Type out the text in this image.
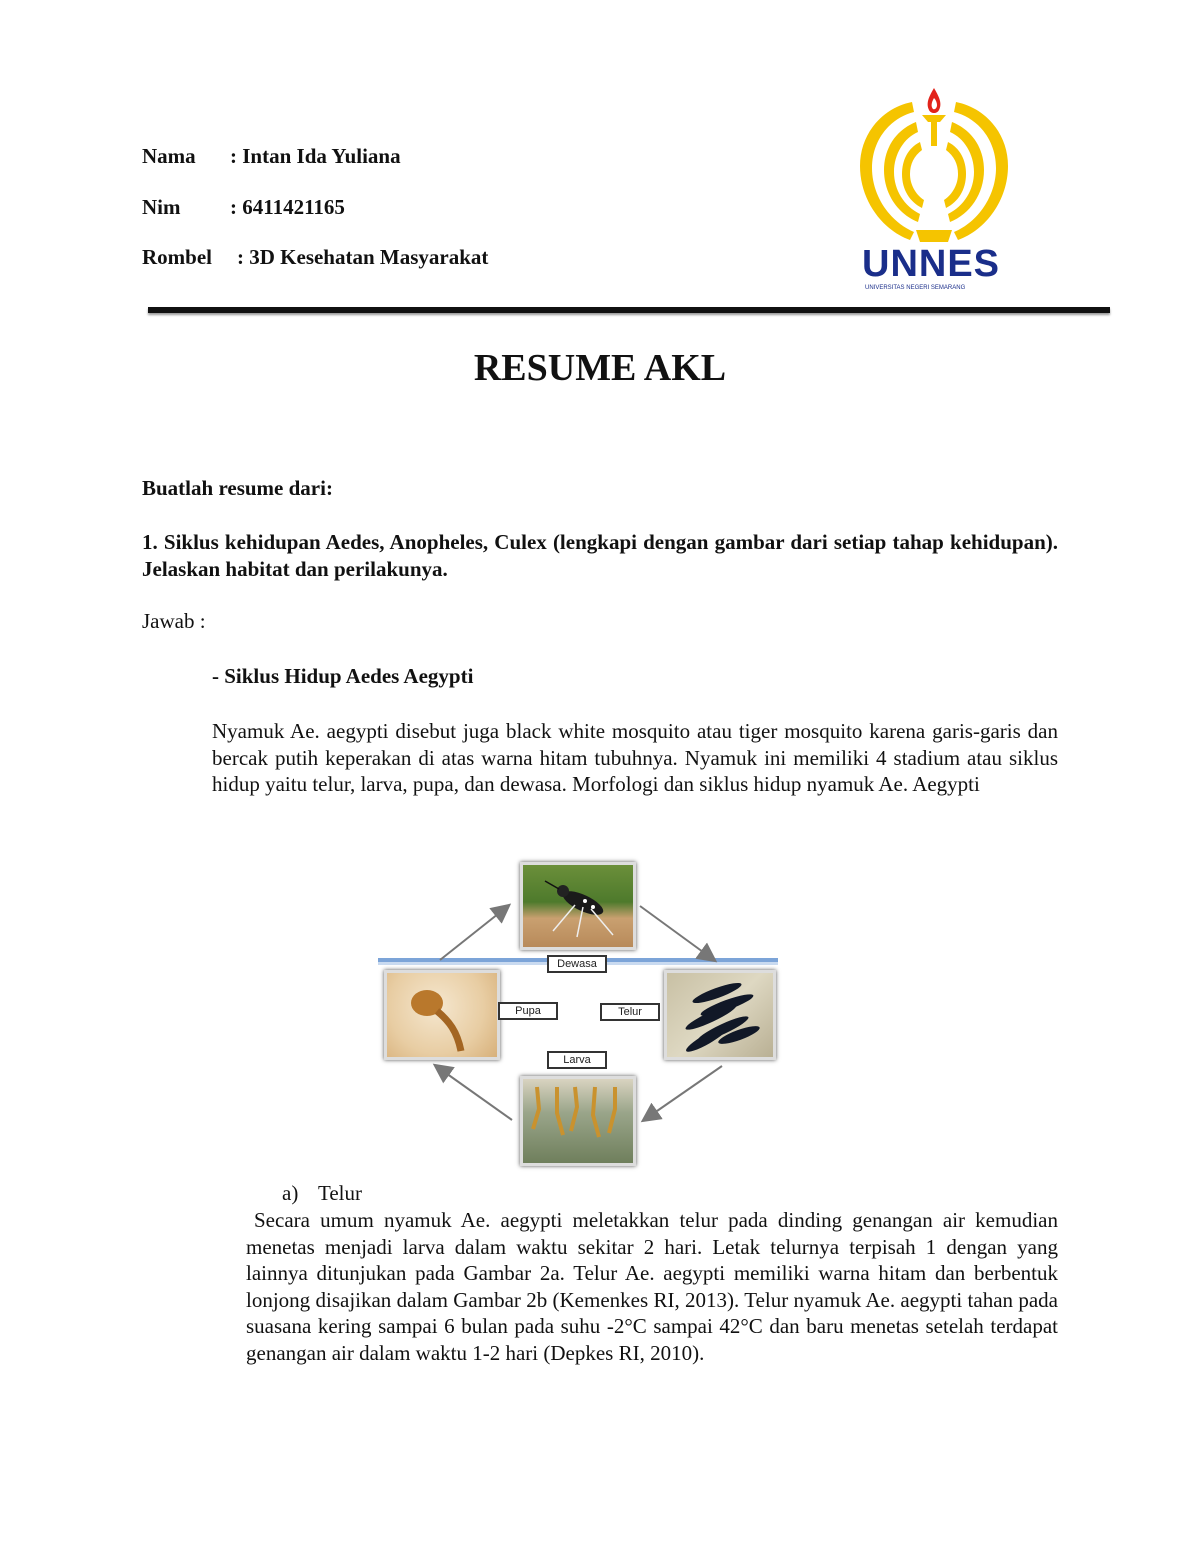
Nama : Intan Ida Yuliana
Nim : 6411421165
Rombel : 3D Kesehatan Masyarakat	UNNES
UNIVERSITAS NEGERI SEMARANG
RESUME AKL
Buatlah resume dari:
1. Siklus kehidupan Aedes, Anopheles, Culex (lengkapi dengan gambar dari setiap tahap kehidupan). Jelaskan habitat dan perilakunya.
Jawab :
- Siklus Hidup Aedes Aegypti
Nyamuk Ae. aegypti disebut juga black white mosquito atau tiger mosquito karena garis-garis dan bercak putih keperakan di atas warna hitam tubuhnya. Nyamuk ini memiliki 4 stadium atau siklus hidup yaitu telur, larva, pupa, dan dewasa. Morfologi dan siklus hidup nyamuk Ae. Aegypti
Dewasa
Pupa	Telur
Larva
a) Telur
Secara umum nyamuk Ae. aegypti meletakkan telur pada dinding genangan air kemudian menetas menjadi larva dalam waktu sekitar 2 hari. Letak telurnya terpisah 1 dengan yang lainnya ditunjukan pada Gambar 2a. Telur Ae. aegypti memiliki warna hitam dan berbentuk lonjong disajikan dalam Gambar 2b (Kemenkes RI, 2013). Telur nyamuk Ae. aegypti tahan pada suasana kering sampai 6 bulan pada suhu -2°C sampai 42°C dan baru menetas setelah terdapat genangan air dalam waktu 1-2 hari (Depkes RI, 2010).
